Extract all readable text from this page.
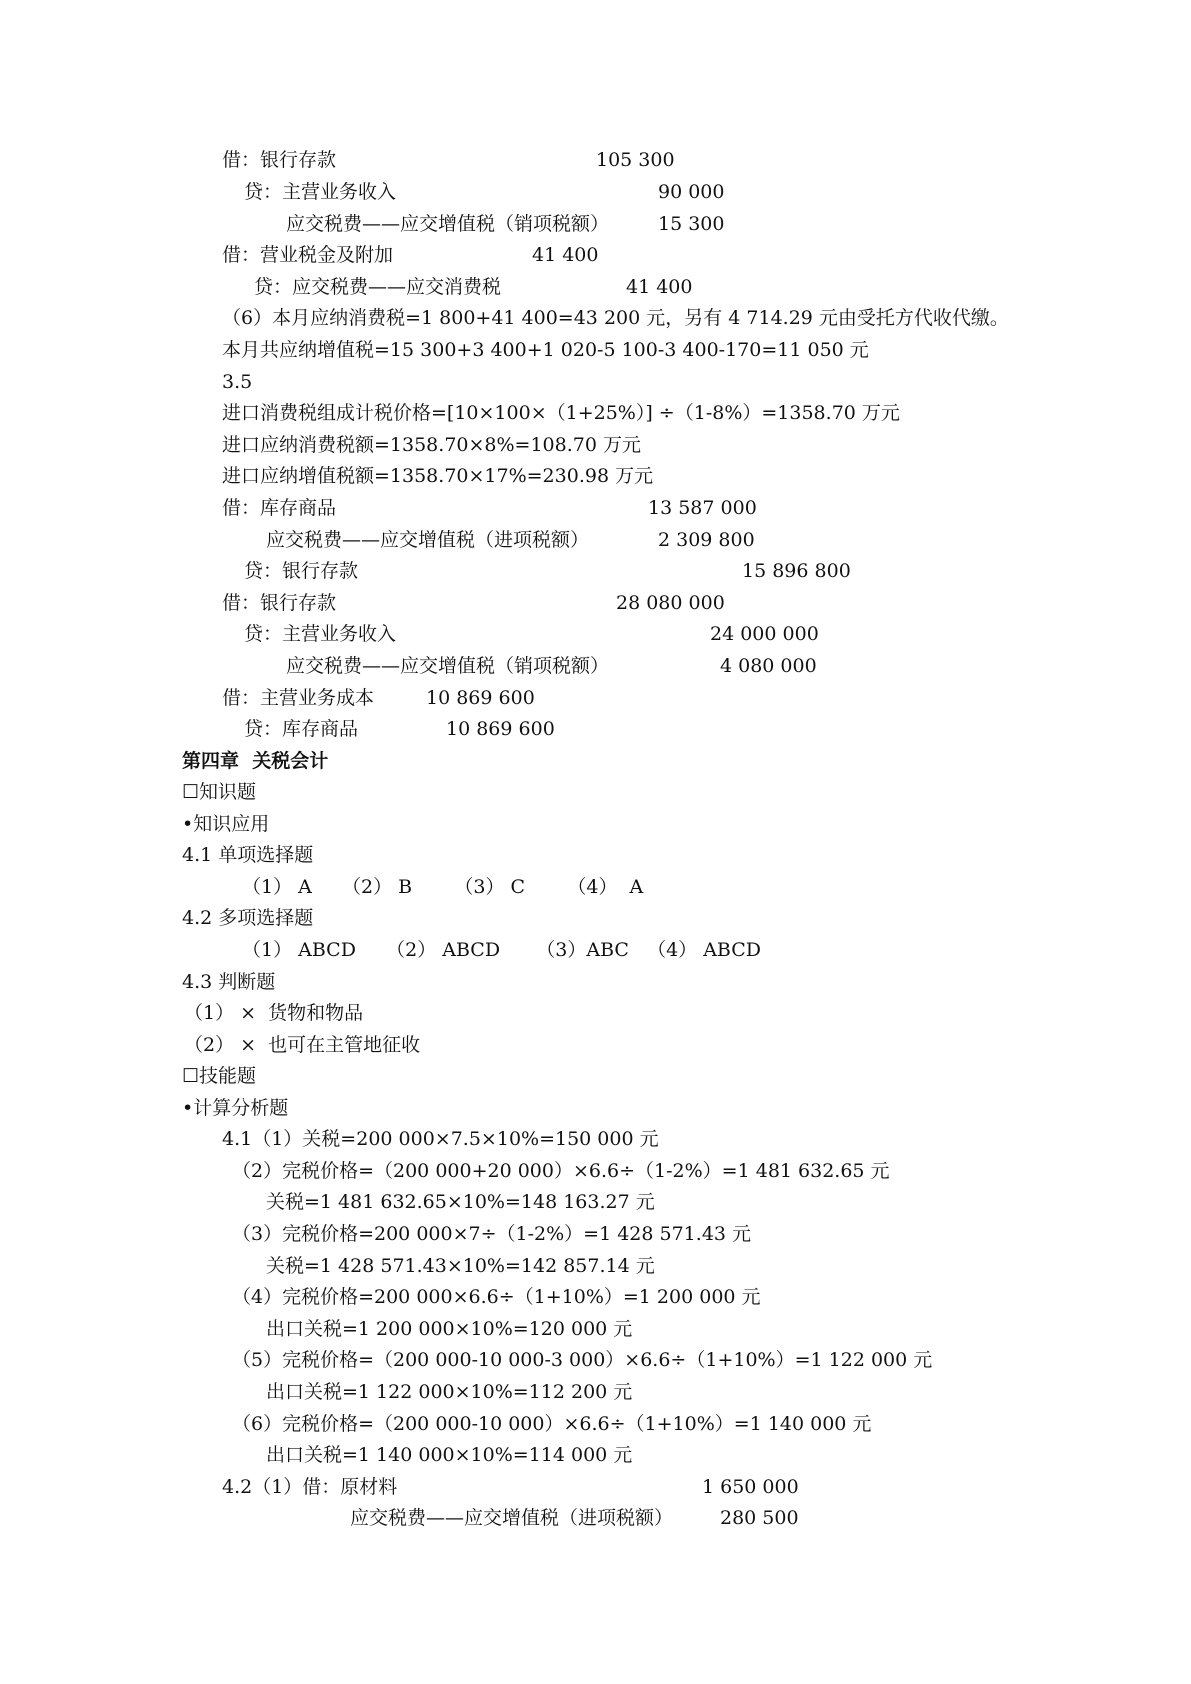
借：银行存款	105 300
贷：主营业务收入	90 000
应交税费——应交增值税（销项税额）	15 300
借：营业税金及附加	41 400
贷：应交税费——应交消费税	41 400
（6）本月应纳消费税=1 800+41 400=43 200 元，另有 4 714.29 元由受托方代收代缴。
本月共应纳增值税=15 300+3 400+1 020-5 100-3 400-170=11 050 元
3.5
进口消费税组成计税价格=[10×100×（1+25%）] ÷（1-8%）=1358.70 万元
进口应纳消费税额=1358.70×8%=108.70 万元
进口应纳增值税额=1358.70×17%=230.98 万元
借：库存商品	13 587 000
应交税费——应交增值税（进项税额）	2 309 800
贷：银行存款	15 896 800
借：银行存款	28 080 000
贷：主营业务收入	24 000 000
应交税费——应交增值税（销项税额）	4 080 000
借：主营业务成本	10 869 600
贷：库存商品	10 869 600
第四章  关税会计
☐知识题
•知识应用
4.1 单项选择题
（1） A     （2） B       （3） C       （4）  A
4.2 多项选择题
（1） ABCD     （2） ABCD      （3）ABC   （4） ABCD
4.3 判断题
（1） ×  货物和物品
（2） ×  也可在主管地征收
☐技能题
•计算分析题
4.1（1）关税=200 000×7.5×10%=150 000 元
（2）完税价格=（200 000+20 000）×6.6÷（1-2%）=1 481 632.65 元
关税=1 481 632.65×10%=148 163.27 元
（3）完税价格=200 000×7÷（1-2%）=1 428 571.43 元
关税=1 428 571.43×10%=142 857.14 元
（4）完税价格=200 000×6.6÷（1+10%）=1 200 000 元
出口关税=1 200 000×10%=120 000 元
（5）完税价格=（200 000-10 000-3 000）×6.6÷（1+10%）=1 122 000 元
出口关税=1 122 000×10%=112 200 元
（6）完税价格=（200 000-10 000）×6.6÷（1+10%）=1 140 000 元
出口关税=1 140 000×10%=114 000 元
4.2（1）借：原材料	1 650 000
应交税费——应交增值税（进项税额） 280 500
